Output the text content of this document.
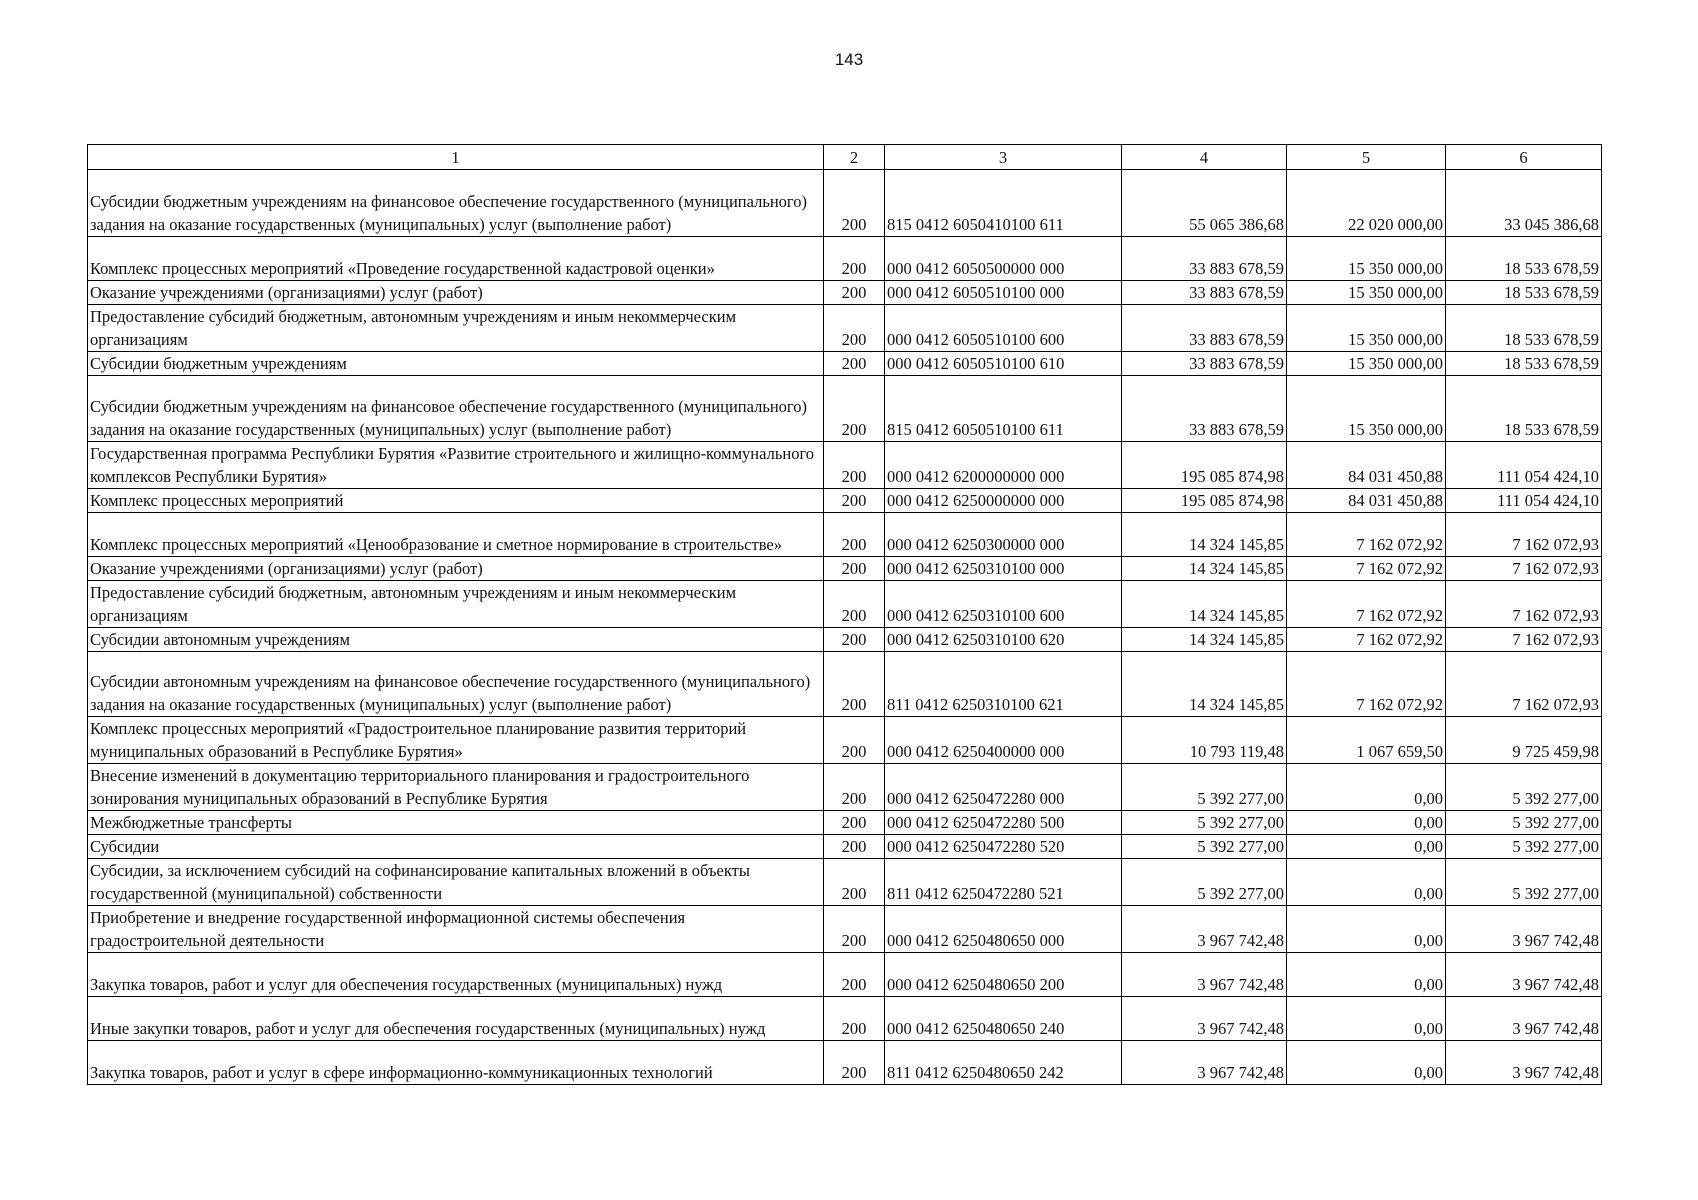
143
1	2	3	4	5	6
Субсидии бюджетным учреждениям на финансовое обеспечение государственного (муниципального) задания на оказание государственных (муниципальных) услуг (выполнение работ)	200	815 0412 6050410100 611	55 065 386,68	22 020 000,00	33 045 386,68
Комплекс процессных мероприятий «Проведение государственной кадастровой оценки»	200	000 0412 6050500000 000	33 883 678,59	15 350 000,00	18 533 678,59
Оказание учреждениями (организациями) услуг (работ)	200	000 0412 6050510100 000	33 883 678,59	15 350 000,00	18 533 678,59
Предоставление субсидий бюджетным, автономным учреждениям и иным некоммерческим организациям	200	000 0412 6050510100 600	33 883 678,59	15 350 000,00	18 533 678,59
Субсидии бюджетным учреждениям	200	000 0412 6050510100 610	33 883 678,59	15 350 000,00	18 533 678,59
Субсидии бюджетным учреждениям на финансовое обеспечение государственного (муниципального) задания на оказание государственных (муниципальных) услуг (выполнение работ)	200	815 0412 6050510100 611	33 883 678,59	15 350 000,00	18 533 678,59
Государственная программа Республики Бурятия «Развитие строительного и жилищно-коммунального комплексов Республики Бурятия»	200	000 0412 6200000000 000	195 085 874,98	84 031 450,88	111 054 424,10
Комплекс процессных мероприятий	200	000 0412 6250000000 000	195 085 874,98	84 031 450,88	111 054 424,10
Комплекс процессных мероприятий «Ценообразование и сметное нормирование в строительстве»	200	000 0412 6250300000 000	14 324 145,85	7 162 072,92	7 162 072,93
Оказание учреждениями (организациями) услуг (работ)	200	000 0412 6250310100 000	14 324 145,85	7 162 072,92	7 162 072,93
Предоставление субсидий бюджетным, автономным учреждениям и иным некоммерческим организациям	200	000 0412 6250310100 600	14 324 145,85	7 162 072,92	7 162 072,93
Субсидии автономным учреждениям	200	000 0412 6250310100 620	14 324 145,85	7 162 072,92	7 162 072,93
Субсидии автономным учреждениям на финансовое обеспечение государственного (муниципального) задания на оказание государственных (муниципальных) услуг (выполнение работ)	200	811 0412 6250310100 621	14 324 145,85	7 162 072,92	7 162 072,93
Комплекс процессных мероприятий «Градостроительное планирование развития территорий муниципальных образований в Республике Бурятия»	200	000 0412 6250400000 000	10 793 119,48	1 067 659,50	9 725 459,98
Внесение изменений в документацию территориального планирования и градостроительного зонирования муниципальных образований в Республике Бурятия	200	000 0412 6250472280 000	5 392 277,00	0,00	5 392 277,00
Межбюджетные трансферты	200	000 0412 6250472280 500	5 392 277,00	0,00	5 392 277,00
Субсидии	200	000 0412 6250472280 520	5 392 277,00	0,00	5 392 277,00
Субсидии, за исключением субсидий на софинансирование капитальных вложений в объекты государственной (муниципальной) собственности	200	811 0412 6250472280 521	5 392 277,00	0,00	5 392 277,00
Приобретение и внедрение государственной информационной системы обеспечения градостроительной деятельности	200	000 0412 6250480650 000	3 967 742,48	0,00	3 967 742,48
Закупка товаров, работ и услуг для обеспечения государственных (муниципальных) нужд	200	000 0412 6250480650 200	3 967 742,48	0,00	3 967 742,48
Иные закупки товаров, работ и услуг для обеспечения государственных (муниципальных) нужд	200	000 0412 6250480650 240	3 967 742,48	0,00	3 967 742,48
Закупка товаров, работ и услуг в сфере информационно-коммуникационных технологий	200	811 0412 6250480650 242	3 967 742,48	0,00	3 967 742,48
